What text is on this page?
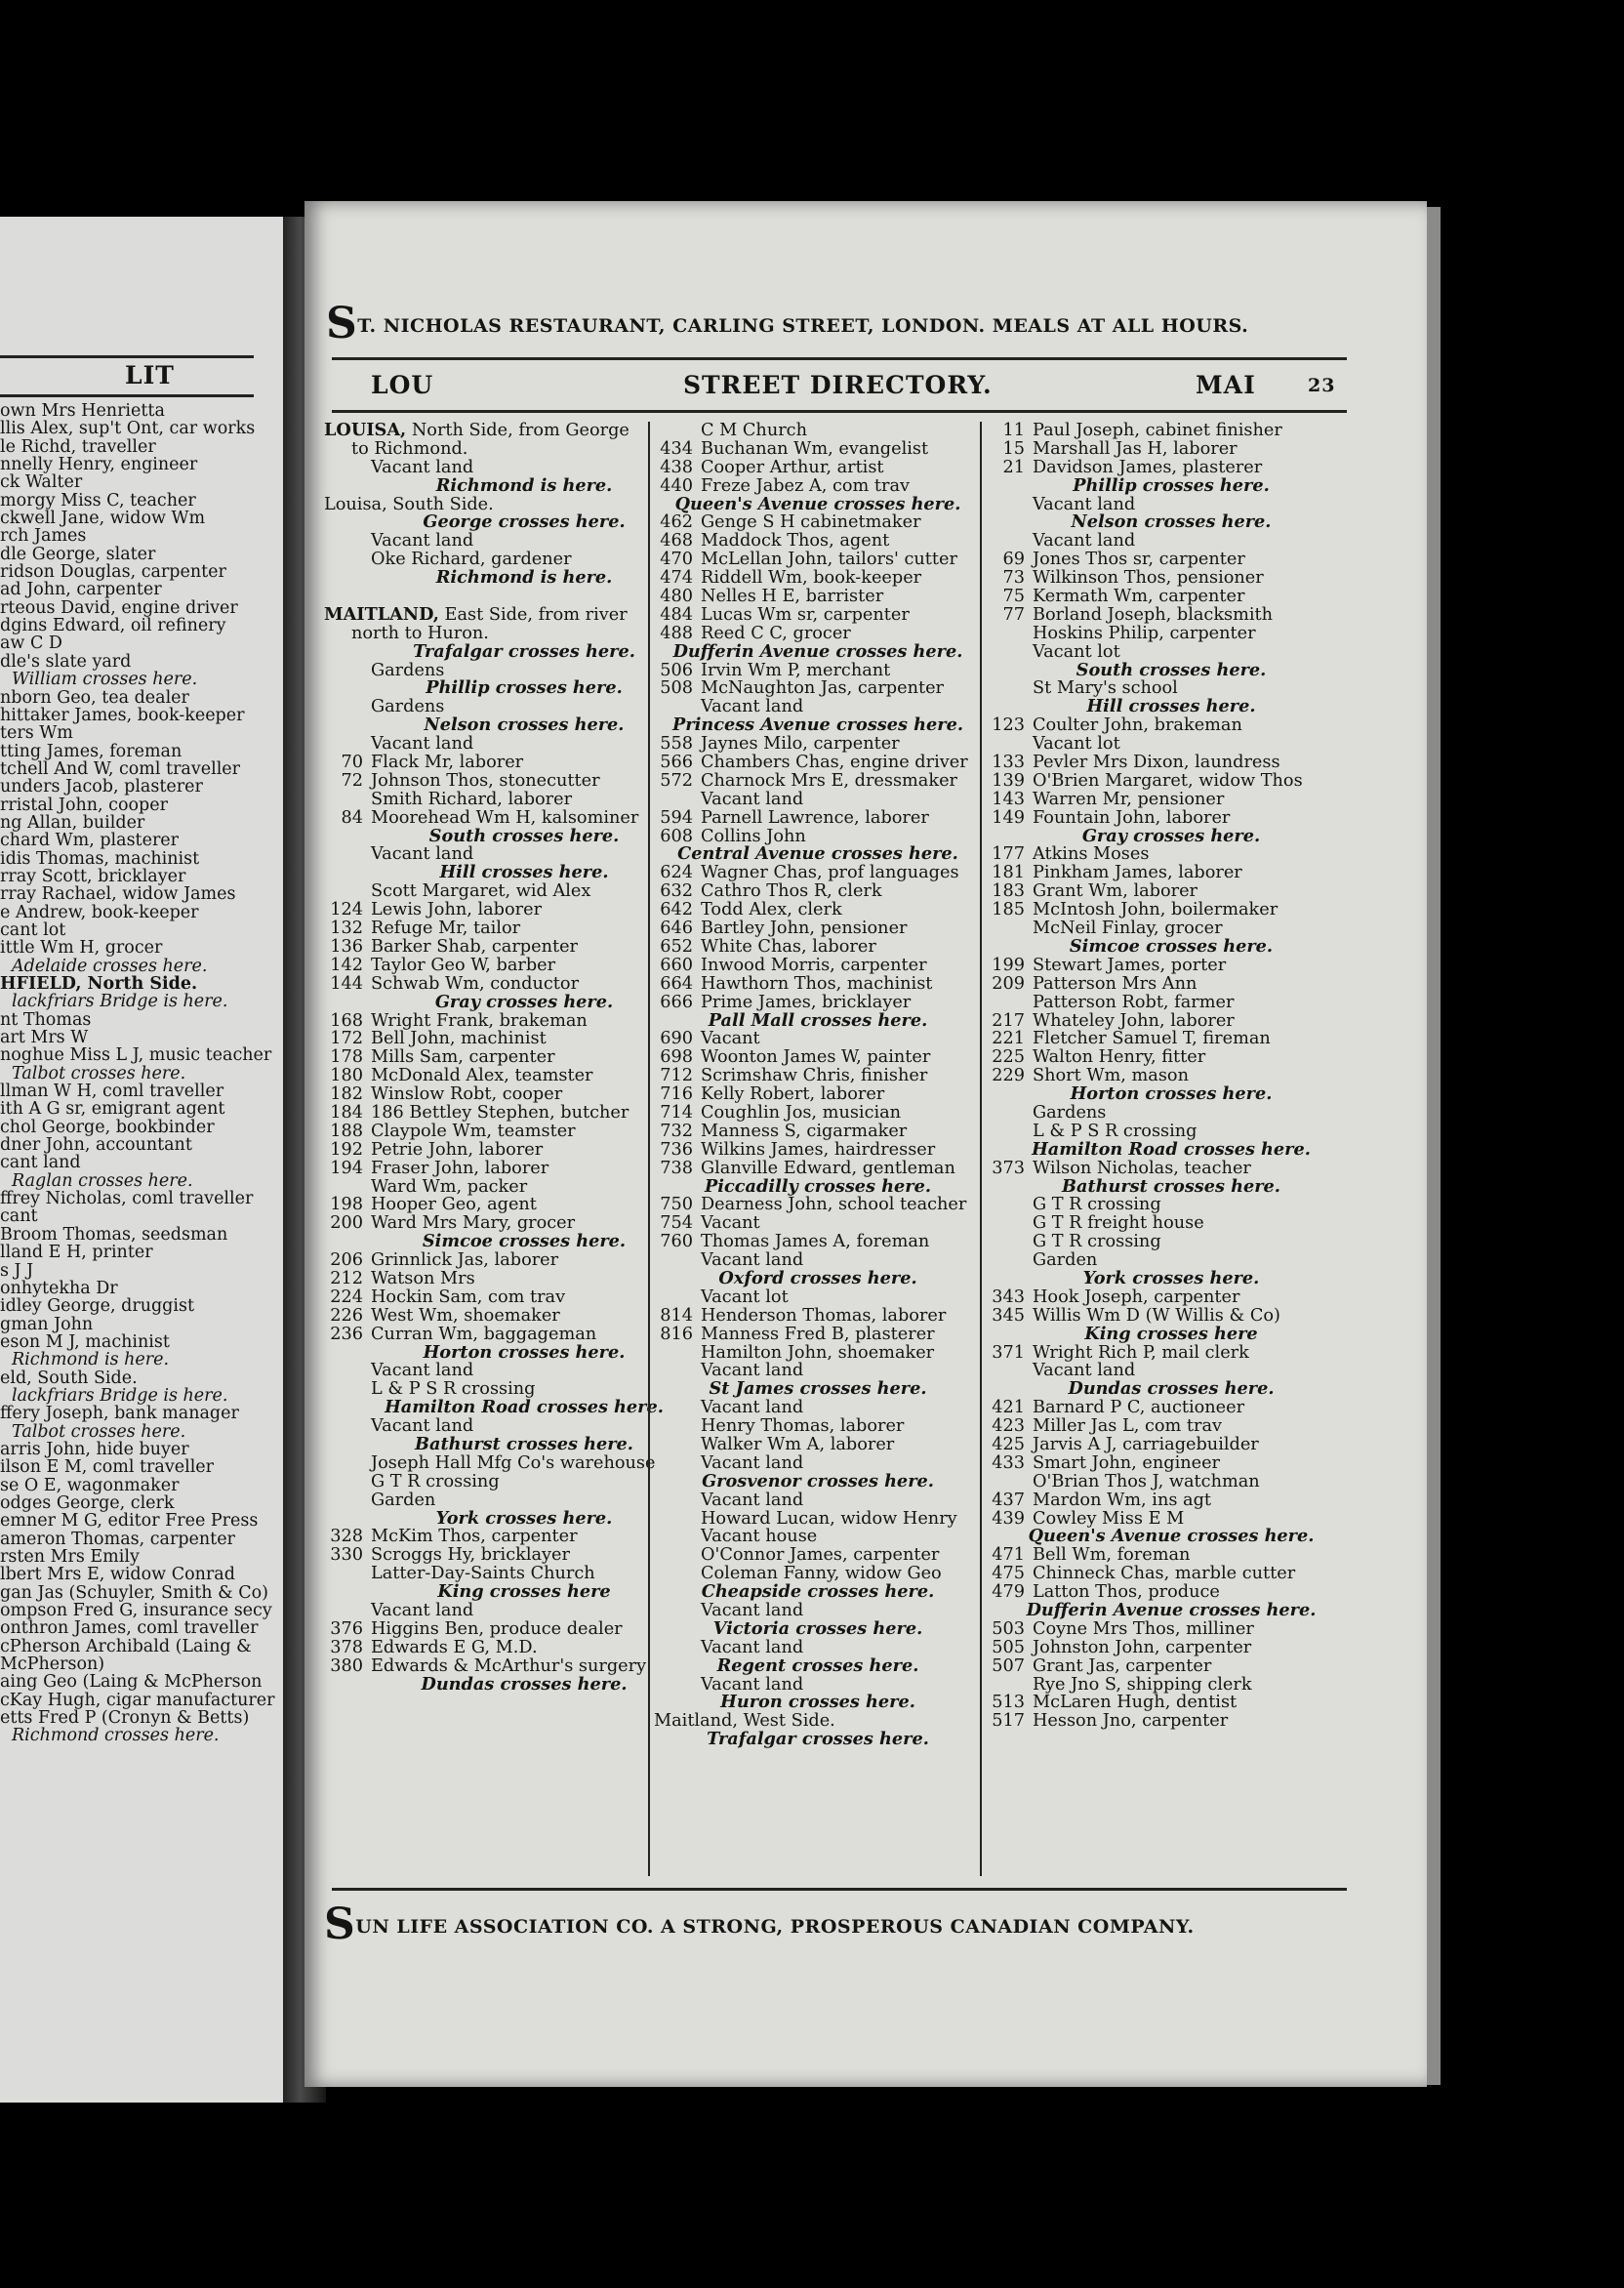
LIT
own Mrs Henrietta
llis Alex, sup't Ont, car works
le Richd, traveller
nnelly Henry, engineer
ck Walter
morgy Miss C, teacher
ckwell Jane, widow Wm
rch James
dle George, slater
ridson Douglas, carpenter
ad John, carpenter
rteous David, engine driver
dgins Edward, oil refinery
aw C D
dle's slate yard
William crosses here.
nborn Geo, tea dealer
hittaker James, book-keeper
ters Wm
tting James, foreman
tchell And W, coml traveller
unders Jacob, plasterer
rristal John, cooper
ng Allan, builder
chard Wm, plasterer
idis Thomas, machinist
rray Scott, bricklayer
rray Rachael, widow James
e Andrew, book-keeper
cant lot
ittle Wm H, grocer
Adelaide crosses here.
HFIELD, North Side.
lackfriars Bridge is here.
nt Thomas
art Mrs W
noghue Miss L J, music teacher
Talbot crosses here.
llman W H, coml traveller
ith A G sr, emigrant agent
chol George, bookbinder
dner John, accountant
cant land
Raglan crosses here.
ffrey Nicholas, coml traveller
cant
Broom Thomas, seedsman
lland E H, printer
s J J
onhytekha Dr
idley George, druggist
gman John
eson M J, machinist
Richmond is here.
eld, South Side.
lackfriars Bridge is here.
ffery Joseph, bank manager
Talbot crosses here.
arris John, hide buyer
ilson E M, coml traveller
se O E, wagonmaker
odges George, clerk
emner M G, editor Free Press
ameron Thomas, carpenter
rsten Mrs Emily
lbert Mrs E, widow Conrad
gan Jas (Schuyler, Smith & Co)
ompson Fred G, insurance secy
onthron James, coml traveller
cPherson Archibald (Laing &
McPherson)
aing Geo (Laing & McPherson
cKay Hugh, cigar manufacturer
etts Fred P (Cronyn & Betts)
Richmond crosses here.
ST. NICHOLAS RESTAURANT, CARLING STREET, LONDON. MEALS AT ALL HOURS.
LOU	STREET DIRECTORY.	MAI	23
LOUISA, North Side, from George
to Richmond.
Vacant land
Richmond is here.
Louisa, South Side.
George crosses here.
Vacant land
Oke Richard, gardener
Richmond is here.
MAITLAND, East Side, from river
north to Huron.
Trafalgar crosses here.
Gardens
Phillip crosses here.
Gardens
Nelson crosses here.
Vacant land
70 Flack Mr, laborer
72 Johnson Thos, stonecutter
Smith Richard, laborer
84 Moorehead Wm H, kalsominer
South crosses here.
Vacant land
Hill crosses here.
Scott Margaret, wid Alex
124 Lewis John, laborer
132 Refuge Mr, tailor
136 Barker Shab, carpenter
142 Taylor Geo W, barber
144 Schwab Wm, conductor
Gray crosses here.
168 Wright Frank, brakeman
172 Bell John, machinist
178 Mills Sam, carpenter
180 McDonald Alex, teamster
182 Winslow Robt, cooper
184 186 Bettley Stephen, butcher
188 Claypole Wm, teamster
192 Petrie John, laborer
194 Fraser John, laborer
Ward Wm, packer
198 Hooper Geo, agent
200 Ward Mrs Mary, grocer
Simcoe crosses here.
206 Grinnlick Jas, laborer
212 Watson Mrs
224 Hockin Sam, com trav
226 West Wm, shoemaker
236 Curran Wm, baggageman
Horton crosses here.
Vacant land
L & P S R crossing
Hamilton Road crosses here.
Vacant land
Bathurst crosses here.
Joseph Hall Mfg Co's warehouse
G T R crossing
Garden
York crosses here.
328 McKim Thos, carpenter
330 Scroggs Hy, bricklayer
Latter-Day-Saints Church
King crosses here
Vacant land
376 Higgins Ben, produce dealer
378 Edwards E G, M.D.
380 Edwards & McArthur's surgery
Dundas crosses here.
C M Church
434 Buchanan Wm, evangelist
438 Cooper Arthur, artist
440 Freze Jabez A, com trav
Queen's Avenue crosses here.
462 Genge S H cabinetmaker
468 Maddock Thos, agent
470 McLellan John, tailors' cutter
474 Riddell Wm, book-keeper
480 Nelles H E, barrister
484 Lucas Wm sr, carpenter
488 Reed C C, grocer
Dufferin Avenue crosses here.
506 Irvin Wm P, merchant
508 McNaughton Jas, carpenter
Vacant land
Princess Avenue crosses here.
558 Jaynes Milo, carpenter
566 Chambers Chas, engine driver
572 Charnock Mrs E, dressmaker
Vacant land
594 Parnell Lawrence, laborer
608 Collins John
Central Avenue crosses here.
624 Wagner Chas, prof languages
632 Cathro Thos R, clerk
642 Todd Alex, clerk
646 Bartley John, pensioner
652 White Chas, laborer
660 Inwood Morris, carpenter
664 Hawthorn Thos, machinist
666 Prime James, bricklayer
Pall Mall crosses here.
690 Vacant
698 Woonton James W, painter
712 Scrimshaw Chris, finisher
716 Kelly Robert, laborer
714 Coughlin Jos, musician
732 Manness S, cigarmaker
736 Wilkins James, hairdresser
738 Glanville Edward, gentleman
Piccadilly crosses here.
750 Dearness John, school teacher
754 Vacant
760 Thomas James A, foreman
Vacant land
Oxford crosses here.
Vacant lot
814 Henderson Thomas, laborer
816 Manness Fred B, plasterer
Hamilton John, shoemaker
Vacant land
St James crosses here.
Vacant land
Henry Thomas, laborer
Walker Wm A, laborer
Vacant land
Grosvenor crosses here.
Vacant land
Howard Lucan, widow Henry
Vacant house
O'Connor James, carpenter
Coleman Fanny, widow Geo
Cheapside crosses here.
Vacant land
Victoria crosses here.
Vacant land
Regent crosses here.
Vacant land
Huron crosses here.
Maitland, West Side.
Trafalgar crosses here.
11 Paul Joseph, cabinet finisher
15 Marshall Jas H, laborer
21 Davidson James, plasterer
Phillip crosses here.
Vacant land
Nelson crosses here.
Vacant land
69 Jones Thos sr, carpenter
73 Wilkinson Thos, pensioner
75 Kermath Wm, carpenter
77 Borland Joseph, blacksmith
Hoskins Philip, carpenter
Vacant lot
South crosses here.
St Mary's school
Hill crosses here.
123 Coulter John, brakeman
Vacant lot
133 Pevler Mrs Dixon, laundress
139 O'Brien Margaret, widow Thos
143 Warren Mr, pensioner
149 Fountain John, laborer
Gray crosses here.
177 Atkins Moses
181 Pinkham James, laborer
183 Grant Wm, laborer
185 McIntosh John, boilermaker
McNeil Finlay, grocer
Simcoe crosses here.
199 Stewart James, porter
209 Patterson Mrs Ann
Patterson Robt, farmer
217 Whateley John, laborer
221 Fletcher Samuel T, fireman
225 Walton Henry, fitter
229 Short Wm, mason
Horton crosses here.
Gardens
L & P S R crossing
Hamilton Road crosses here.
373 Wilson Nicholas, teacher
Bathurst crosses here.
G T R crossing
G T R freight house
G T R crossing
Garden
York crosses here.
343 Hook Joseph, carpenter
345 Willis Wm D (W Willis & Co)
King crosses here
371 Wright Rich P, mail clerk
Vacant land
Dundas crosses here.
421 Barnard P C, auctioneer
423 Miller Jas L, com trav
425 Jarvis A J, carriagebuilder
433 Smart John, engineer
O'Brian Thos J, watchman
437 Mardon Wm, ins agt
439 Cowley Miss E M
Queen's Avenue crosses here.
471 Bell Wm, foreman
475 Chinneck Chas, marble cutter
479 Latton Thos, produce
Dufferin Avenue crosses here.
503 Coyne Mrs Thos, milliner
505 Johnston John, carpenter
507 Grant Jas, carpenter
Rye Jno S, shipping clerk
513 McLaren Hugh, dentist
517 Hesson Jno, carpenter
SUN LIFE ASSOCIATION CO. A STRONG, PROSPEROUS CANADIAN COMPANY.
